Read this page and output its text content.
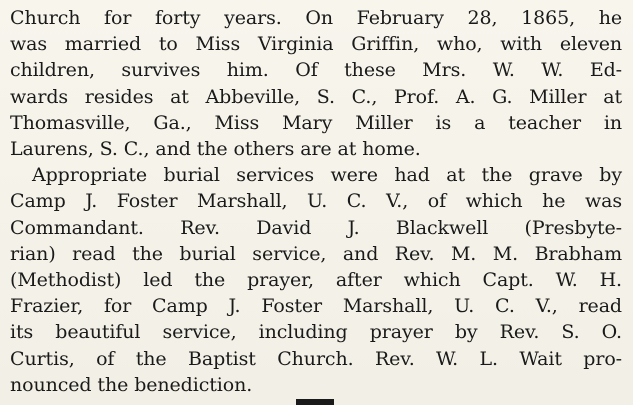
Church for forty years. On February 28, 1865, he
was married to Miss Virginia Griffin, who, with eleven
children, survives him. Of these Mrs. W. W. Ed-
wards resides at Abbeville, S. C., Prof. A. G. Miller at
Thomasville, Ga., Miss Mary Miller is a teacher in
Laurens, S. C., and the others are at home.
Appropriate burial services were had at the grave by
Camp J. Foster Marshall, U. C. V., of which he was
Commandant. Rev. David J. Blackwell (Presbyte-
rian) read the burial service, and Rev. M. M. Brabham
(Methodist) led the prayer, after which Capt. W. H.
Frazier, for Camp J. Foster Marshall, U. C. V., read
its beautiful service, including prayer by Rev. S. O.
Curtis, of the Baptist Church. Rev. W. L. Wait pro-
nounced the benediction.
